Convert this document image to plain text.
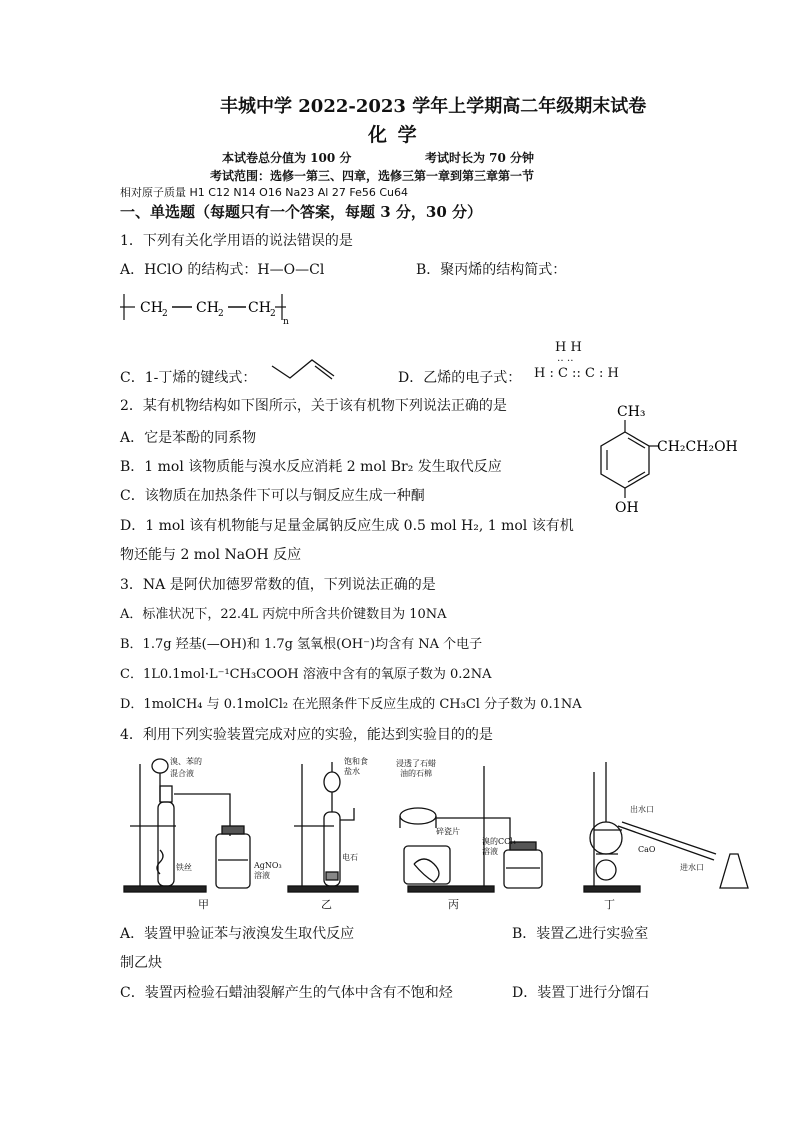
丰城中学 2022-2023 学年上学期高二年级期末试卷
化 学
本试卷总分值为 100 分	考试时长为 70 分钟
考试范围：选修一第三、四章，选修三第一章到第三章第一节
相对原子质量 H1 C12 N14 O16 Na23 Al 27 Fe56 Cu64
一、单选题（每题只有一个答案，每题 3 分，30 分）
1．下列有关化学用语的说法错误的是
A．HClO 的结构式：H—O—Cl	B．聚丙烯的结构简式：
CH 2 CH 2 CH 2
n
C．1-丁烯的键线式：	D．乙烯的电子式：
H H
‥ ‥
H : C :: C : H
2．某有机物结构如下图所示，关于该有机物下列说法正确的是
A．它是苯酚的同系物
B．1 mol 该物质能与溴水反应消耗 2 mol Br₂ 发生取代反应
C．该物质在加热条件下可以与铜反应生成一种酮
D．1 mol 该有机物能与足量金属钠反应生成 0.5 mol H₂, 1 mol 该有机
物还能与 2 mol NaOH 反应
CH₃
CH₂CH₂OH
OH
3．NA 是阿伏加德罗常数的值，下列说法正确的是
A．标准状况下，22.4L 丙烷中所含共价键数目为 10NA
B．1.7g 羟基(—OH)和 1.7g 氢氧根(OH⁻)均含有 NA 个电子
C．1L0.1mol·L⁻¹CH₃COOH 溶液中含有的氧原子数为 0.2NA
D．1molCH₄ 与 0.1molCl₂ 在光照条件下反应生成的 CH₃Cl 分子数为 0.1NA
4．利用下列实验装置完成对应的实验，能达到实验目的的是
溴、苯的
混合液
铁丝	AgNO₃
溶液
饱和食
盐水
电石
浸透了石蜡
油的石棉
碎瓷片
溴的CCl₄
溶液
出水口
CaO
进水口
甲	乙	丙	丁
A．装置甲验证苯与液溴发生取代反应	B．装置乙进行实验室
制乙炔
C．装置丙检验石蜡油裂解产生的气体中含有不饱和烃	D．装置丁进行分馏石
